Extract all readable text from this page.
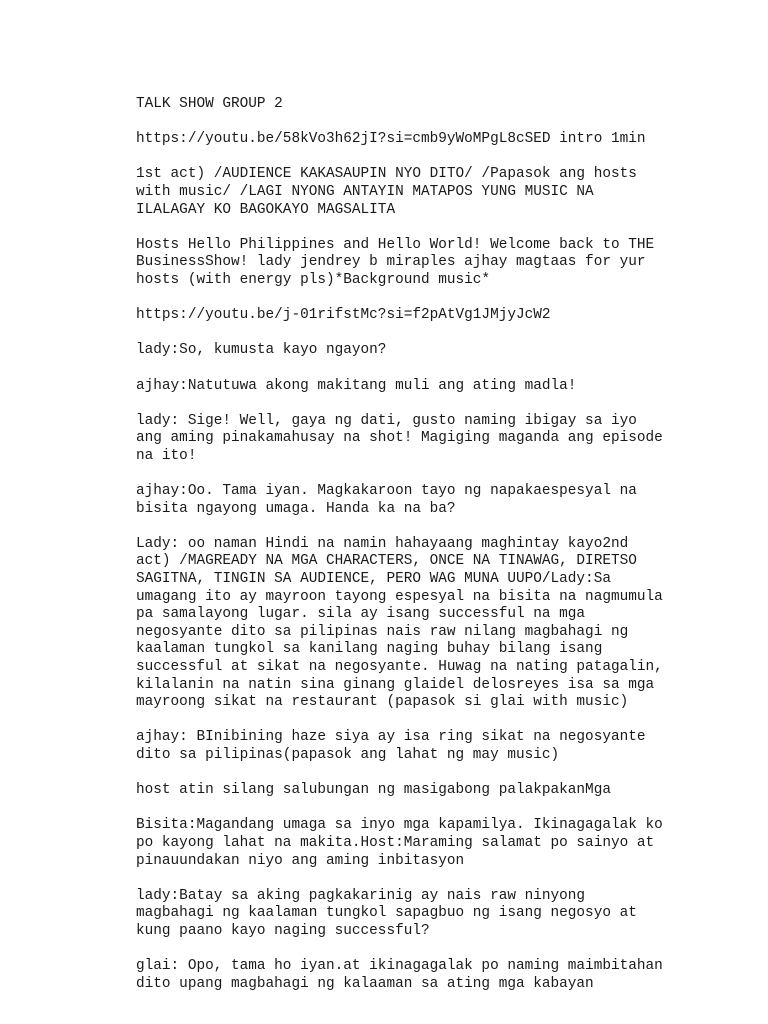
TALK SHOW GROUP 2

https://youtu.be/58kVo3h62jI?si=cmb9yWoMPgL8cSED intro 1min

1st act) /AUDIENCE KAKASAUPIN NYO DITO/ /Papasok ang hosts
with music/ /LAGI NYONG ANTAYIN MATAPOS YUNG MUSIC NA
ILALAGAY KO BAGOKAYO MAGSALITA

Hosts Hello Philippines and Hello World! Welcome back to THE
BusinessShow! lady jendrey b miraples ajhay magtaas for yur
hosts (with energy pls)*Background music*

https://youtu.be/j-01rifstMc?si=f2pAtVg1JMjyJcW2

lady:So, kumusta kayo ngayon?

ajhay:Natutuwa akong makitang muli ang ating madla!

lady: Sige! Well, gaya ng dati, gusto naming ibigay sa iyo
ang aming pinakamahusay na shot! Magiging maganda ang episode
na ito!

ajhay:Oo. Tama iyan. Magkakaroon tayo ng napakaespesyal na
bisita ngayong umaga. Handa ka na ba?

Lady: oo naman Hindi na namin hahayaang maghintay kayo2nd
act) /MAGREADY NA MGA CHARACTERS, ONCE NA TINAWAG, DIRETSO
SAGITNA, TINGIN SA AUDIENCE, PERO WAG MUNA UUPO/Lady:Sa
umagang ito ay mayroon tayong espesyal na bisita na nagmumula
pa samalayong lugar. sila ay isang successful na mga
negosyante dito sa pilipinas nais raw nilang magbahagi ng
kaalaman tungkol sa kanilang naging buhay bilang isang
successful at sikat na negosyante. Huwag na nating patagalin,
kilalanin na natin sina ginang glaidel delosreyes isa sa mga
mayroong sikat na restaurant (papasok si glai with music)

ajhay: BInibining haze siya ay isa ring sikat na negosyante
dito sa pilipinas(papasok ang lahat ng may music)

host atin silang salubungan ng masigabong palakpakanMga

Bisita:Magandang umaga sa inyo mga kapamilya. Ikinagagalak ko
po kayong lahat na makita.Host:Maraming salamat po sainyo at
pinauundakan niyo ang aming inbitasyon

lady:Batay sa aking pagkakarinig ay nais raw ninyong
magbahagi ng kaalaman tungkol sapagbuo ng isang negosyo at
kung paano kayo naging successful?

glai: Opo, tama ho iyan.at ikinagagalak po naming maimbitahan
dito upang magbahagi ng kalaaman sa ating mga kabayan
